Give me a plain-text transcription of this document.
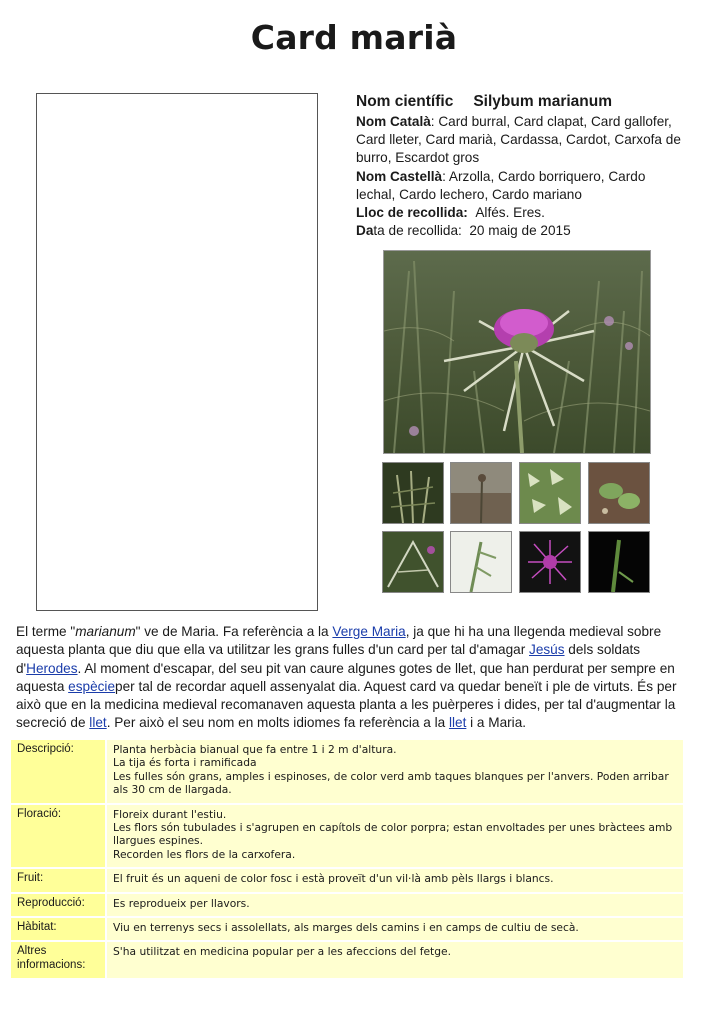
Card marià
Nom científic Silybum marianum
Nom Català: Card burral, Card clapat, Card gallofer, Card lleter, Card marià, Cardassa, Cardot, Carxofa de burro, Escardot gros
Nom Castellà: Arzolla, Cardo borriquero, Cardo lechal, Cardo lechero, Cardo mariano
Lloc de recollida: Alfés. Eres.
Data de recollida: 20 maig de 2015
El terme "marianum" ve de Maria. Fa referència a la Verge Maria, ja que hi ha una llegenda medieval sobre aquesta planta que diu que ella va utilitzar les grans fulles d'un card per tal d'amagar Jesús dels soldats d'Herodes. Al moment d'escapar, del seu pit van caure algunes gotes de llet, que han perdurat per sempre en aquesta espècieper tal de recordar aquell assenyalat dia. Aquest card va quedar beneït i ple de virtuts. És per això que en la medicina medieval recomanaven aquesta planta a les puèrperes i dides, per tal d'augmentar la secreció de llet. Per això el seu nom en molts idiomes fa referència a la llet i a Maria.
Descripció:	Planta herbàcia bianual que fa entre 1 i 2 m d'altura.
La tija és forta i ramificada
Les fulles són grans, amples i espinoses, de color verd amb taques blanques per l'anvers. Poden arribar als 30 cm de llargada.

Floració:	Floreix durant l'estiu.
Les flors són tubulades i s'agrupen en capítols de color porpra; estan envoltades per unes bràctees amb llargues espines.
Recorden les flors de la carxofera.

Fruit:	El fruit és un aqueni de color fosc i està proveït d'un vil·là amb pèls llargs i blancs.
Reproducció:	Es reprodueix per llavors.
Hàbitat:	Viu en terrenys secs i assolellats, als marges dels camins i en camps de cultiu de secà.

Altres
informacions:	S'ha utilitzat en medicina popular per a les afeccions del fetge.
